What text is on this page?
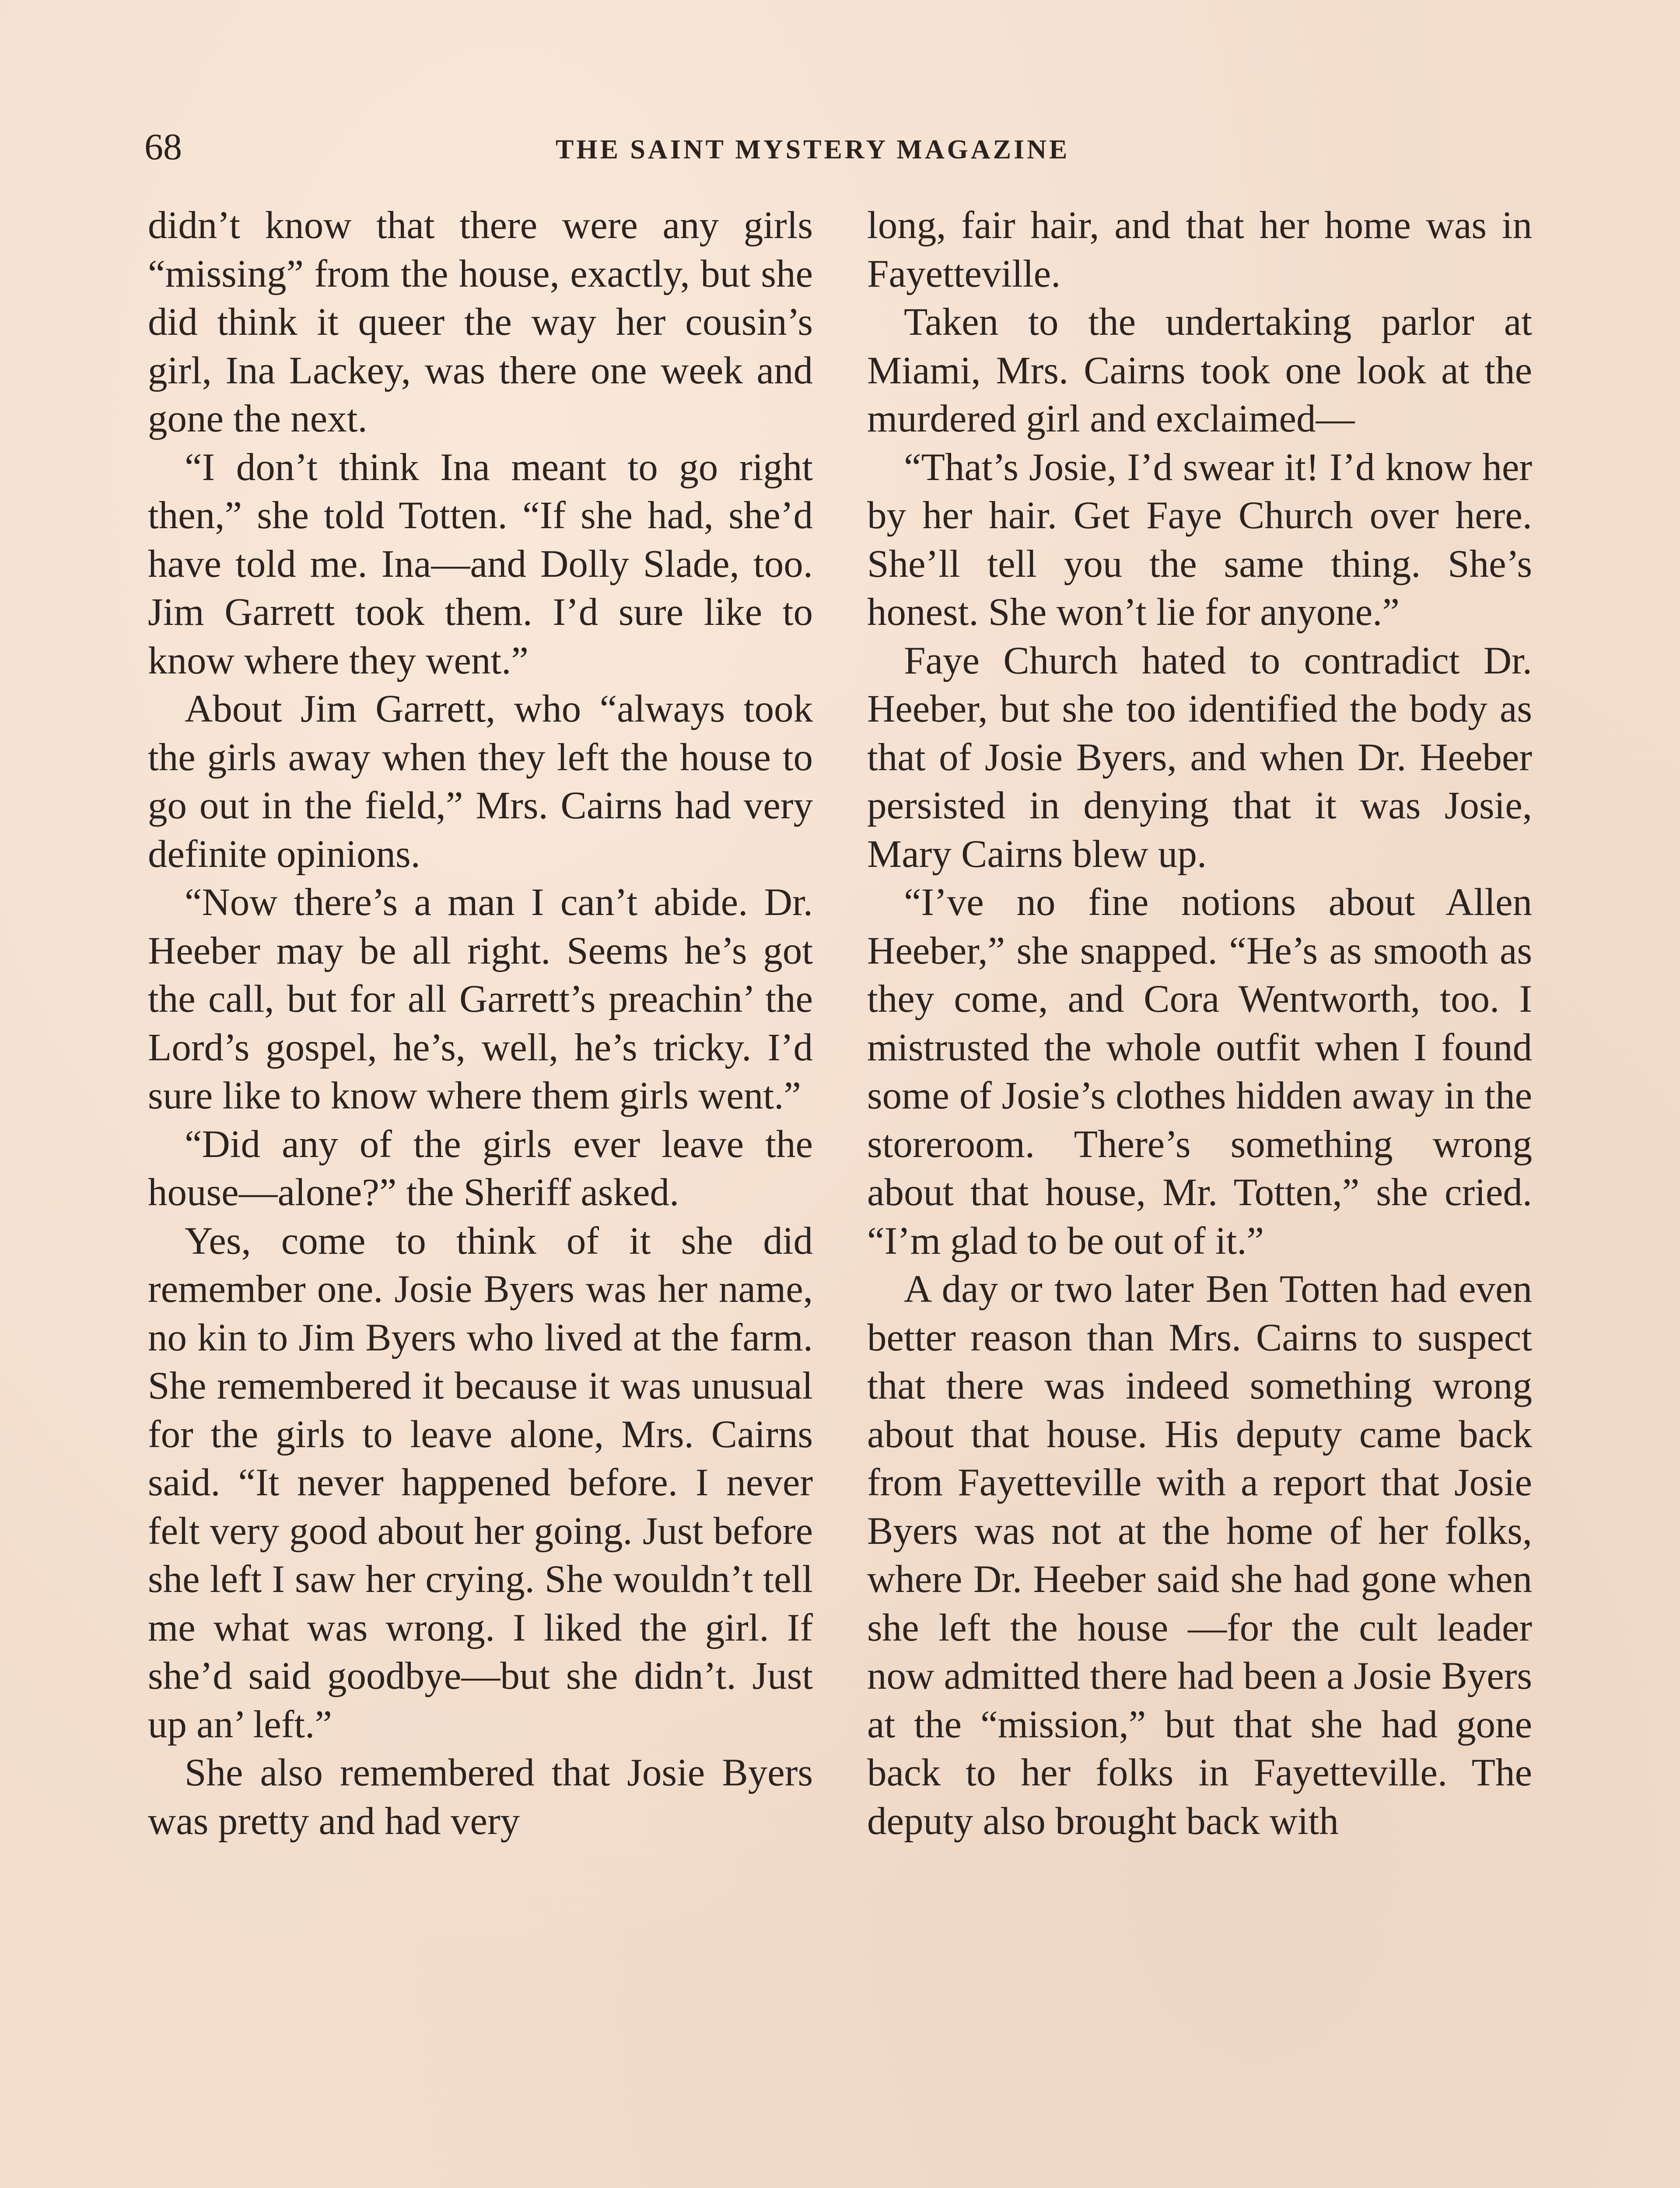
68	THE SAINT MYSTERY MAGAZINE

didn’t know that there were any girls “missing” from the house, exactly, but she did think it queer the way her cousin’s girl, Ina Lackey, was there one week and gone the next.

“I don’t think Ina meant to go right then,” she told Totten. “If she had, she’d have told me. Ina—and Dolly Slade, too. Jim Garrett took them. I’d sure like to know where they went.”

About Jim Garrett, who “always took the girls away when they left the house to go out in the field,” Mrs. Cairns had very definite opinions.

“Now there’s a man I can’t abide. Dr. Heeber may be all right. Seems he’s got the call, but for all Garrett’s preachin’ the Lord’s gospel, he’s, well, he’s tricky. I’d sure like to know where them girls went.”

“Did any of the girls ever leave the house—alone?” the Sheriff asked.

Yes, come to think of it she did remember one. Josie Byers was her name, no kin to Jim Byers who lived at the farm. She remembered it because it was unusual for the girls to leave alone, Mrs. Cairns said. “It never happened before. I never felt very good about her going. Just before she left I saw her crying. She wouldn’t tell me what was wrong. I liked the girl. If she’d said goodbye—but she didn’t. Just up an’ left.”

She also remembered that Josie Byers was pretty and had very

long, fair hair, and that her home was in Fayetteville.

Taken to the undertaking parlor at Miami, Mrs. Cairns took one look at the murdered girl and exclaimed—

“That’s Josie, I’d swear it! I’d know her by her hair. Get Faye Church over here. She’ll tell you the same thing. She’s honest. She won’t lie for anyone.”

Faye Church hated to contradict Dr. Heeber, but she too identified the body as that of Josie Byers, and when Dr. Heeber persisted in denying that it was Josie, Mary Cairns blew up.

“I’ve no fine notions about Allen Heeber,” she snapped. “He’s as smooth as they come, and Cora Wentworth, too. I mistrusted the whole outfit when I found some of Josie’s clothes hidden away in the storeroom. There’s something wrong about that house, Mr. Totten,” she cried. “I’m glad to be out of it.”

A day or two later Ben Totten had even better reason than Mrs. Cairns to suspect that there was indeed something wrong about that house. His deputy came back from Fayetteville with a report that Josie Byers was not at the home of her folks, where Dr. Heeber said she had gone when she left the house —for the cult leader now admitted there had been a Josie Byers at the “mission,” but that she had gone back to her folks in Fayetteville. The deputy also brought back with
